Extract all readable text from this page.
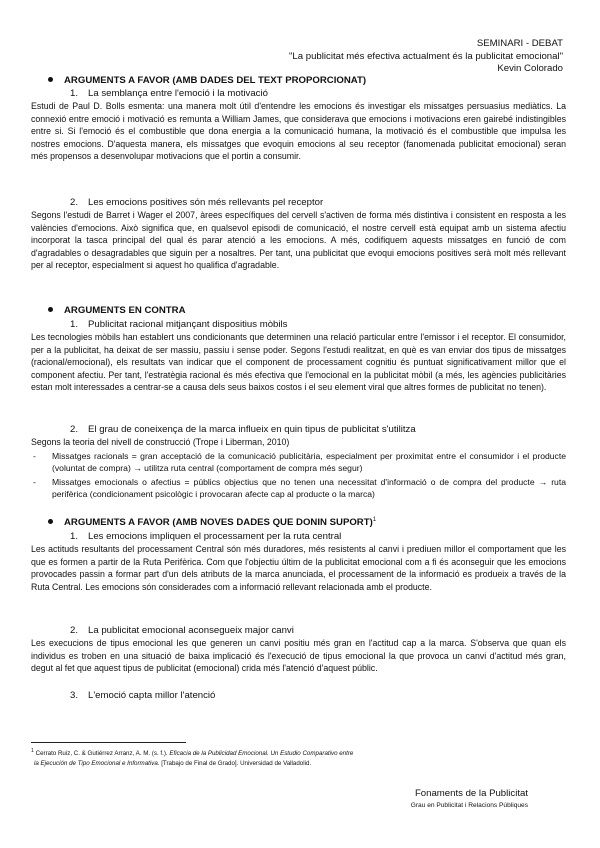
SEMINARI - DEBAT
"La publicitat més efectiva actualment és la publicitat emocional"
Kevin Colorado
ARGUMENTS A FAVOR (AMB DADES DEL TEXT PROPORCIONAT)
1. La semblança entre l'emoció i la motivació
Estudi de Paul D. Bolls esmenta: una manera molt útil d'entendre les emocions és investigar els missatges persuasius mediàtics. La connexió entre emoció i motivació es remunta a William James, que considerava que emocions i motivacions eren gairebé indistingibles entre si. Si l'emoció és el combustible que dona energia a la comunicació humana, la motivació és el combustible que impulsa les nostres emocions. D'aquesta manera, els missatges que evoquin emocions al seu receptor (fanomenada publicitat emocional) seran més propensos a desenvolupar motivacions que el portin a consumir.
2. Les emocions positives són més rellevants pel receptor
Segons l'estudi de Barret i Wager el 2007, àrees específiques del cervell s'activen de forma més distintiva i consistent en resposta a les valències d'emocions. Això significa que, en qualsevol episodi de comunicació, el nostre cervell està equipat amb un sistema afectiu incorporat la tasca principal del qual és parar atenció a les emocions. A més, codifiquem aquests missatges en funció de com d'agradables o desagradables que siguin per a nosaltres. Per tant, una publicitat que evoqui emocions positives serà molt més rellevant per al receptor, especialment si aquest ho qualifica d'agradable.
ARGUMENTS EN CONTRA
1. Publicitat racional mitjançant dispositius mòbils
Les tecnologies mòbils han establert uns condicionants que determinen una relació particular entre l'emissor i el receptor. El consumidor, per a la publicitat, ha deixat de ser massiu, passiu i sense poder. Segons l'estudi realitzat, en què es van enviar dos tipus de missatges (racional/emocional), els resultats van indicar que el component de processament cognitiu és puntuat significativament millor que el component afectiu. Per tant, l'estratègia racional és més efectiva que l'emocional en la publicitat mòbil (a més, les agències publicitàries estan molt interessades a centrar-se a causa dels seus baixos costos i el seu element viral que altres formes de publicitat no tenen).
2. El grau de coneixença de la marca influeix en quin tipus de publicitat s'utilitza
Segons la teoria del nivell de construcció (Trope i Liberman, 2010)
- Missatges racionals = gran acceptació de la comunicació publicitària, especialment per proximitat entre el consumidor i el producte (voluntat de compra) → utilitza ruta central (comportament de compra més segur)
- Missatges emocionals o afectius = públics objectius que no tenen una necessitat d'informació o de compra del producte → ruta perifèrica (condicionament psicològic i provocaran afecte cap al producte o la marca)
ARGUMENTS A FAVOR (AMB NOVES DADES QUE DONIN SUPORT)$^1$
1. Les emocions impliquen el processament per la ruta central
Les actituds resultants del processament Central són més duradores, més resistents al canvi i prediuen millor el comportament que les que es formen a partir de la Ruta Perifèrica. Com que l'objectiu últim de la publicitat emocional com a fi és aconseguir que les emocions provocades passin a formar part d'un dels atributs de la marca anunciada, el processament de la informació es produeix a través de la Ruta Central. Les emocions són considerades com a informació rellevant relacionada amb el producte.
2. La publicitat emocional aconsegueix major canvi
Les execucions de tipus emocional les que generen un canvi positiu més gran en l'actitud cap a la marca. S'observa que quan els individus es troben en una situació de baixa implicació és l'execució de tipus emocional la que provoca un canvi d'actitud més gran, degut al fet que aquest tipus de publicitat (emocional) crida més l'atenció d'aquest públic.
3. L'emoció capta millor l'atenció
$^1$ Cerrato Ruiz, C. & Gutiérrez Arranz, A. M. (s. f.). Eficacia de la Publicidad Emocional. Un Estudio Comparativo entre
la Ejecución de Tipo Emocional e Informativa. [Trabajo de Final de Grado]. Universidad de Valladolid.
Fonaments de la Publicitat
Grau en Publicitat i Relacions Públiques
